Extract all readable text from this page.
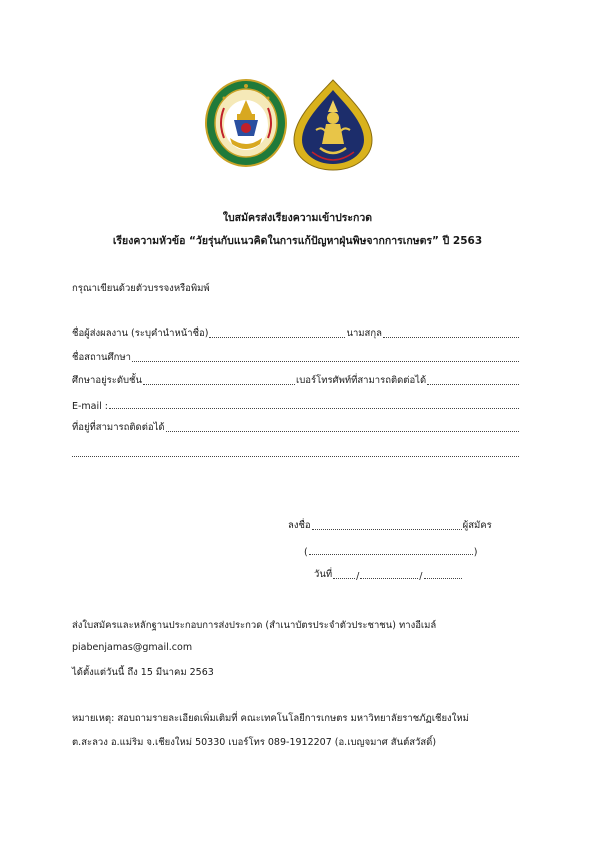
ใบสมัครส่งเรียงความเข้าประกวด
เรียงความหัวข้อ “วัยรุ่นกับแนวคิดในการแก้ปัญหาฝุ่นพิษจากการเกษตร” ปี 2563
กรุณาเขียนด้วยตัวบรรจงหรือพิมพ์
ชื่อผู้ส่งผลงาน (ระบุคำนำหน้าชื่อ)	นามสกุล
ชื่อสถานศึกษา
ศึกษาอยู่ระดับชั้น	เบอร์โทรศัพท์ที่สามารถติดต่อได้
E-mail :
ที่อยู่ที่สามารถติดต่อได้
ลงชื่อ	ผู้สมัคร
(	)
วันที่	/	/
ส่งใบสมัครและหลักฐานประกอบการส่งประกวด (สำเนาบัตรประจำตัวประชาชน) ทางอีเมล์
piabenjamas@gmail.com
ได้ตั้งแต่วันนี้ ถึง 15 มีนาคม 2563
หมายเหตุ: สอบถามรายละเอียดเพิ่มเติมที่ คณะเทคโนโลยีการเกษตร มหาวิทยาลัยราชภัฏเชียงใหม่
ต.สะลวง อ.แม่ริม จ.เชียงใหม่ 50330 เบอร์โทร 089-1912207 (อ.เบญจมาศ สันต์สวัสดิ์)
